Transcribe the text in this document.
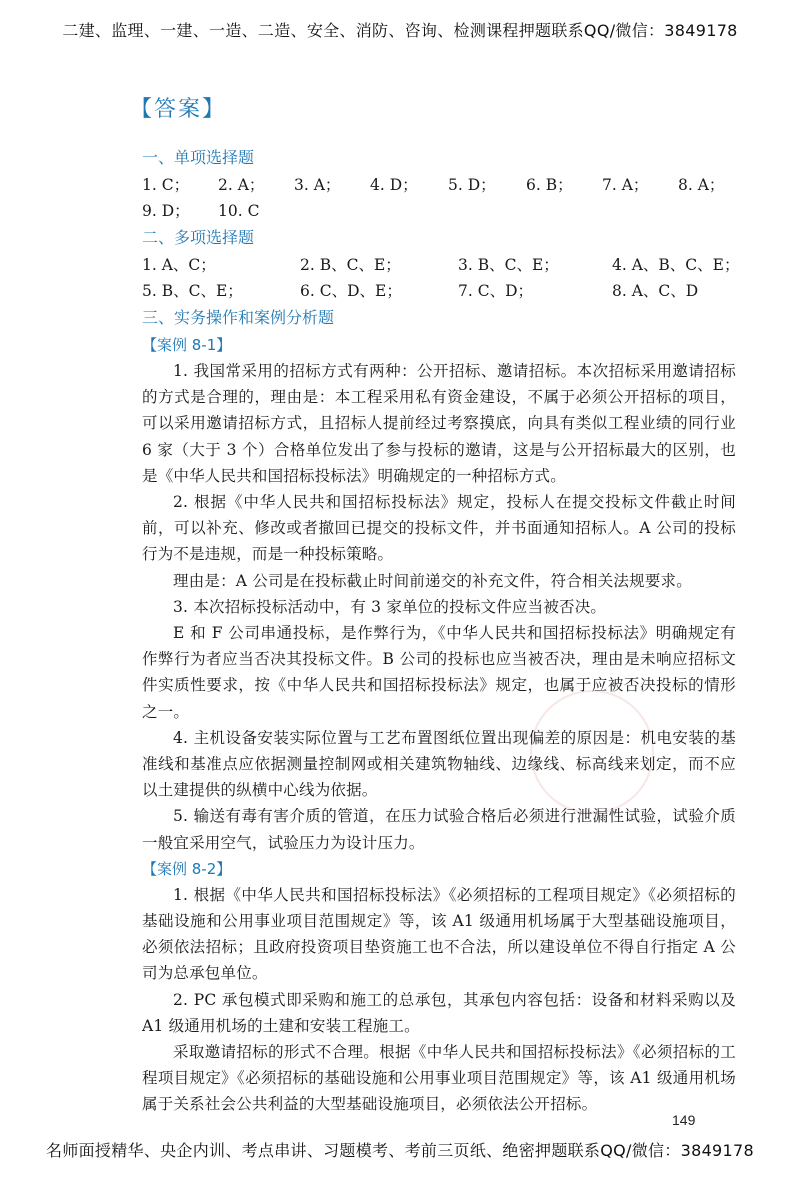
二建、监理、一建、一造、二造、安全、消防、咨询、检测课程押题联系QQ/微信：3849178
【答案】
一、单项选择题
1. C；	2. A；	3. A；	4. D；	5. D；	6. B；	7. A；	8. A；
9. D；	10. C
二、多项选择题
1. A、C；	2. B、C、E；	3. B、C、E；	4. A、B、C、E；
5. B、C、E；	6. C、D、E；	7. C、D；	8. A、C、D
三、实务操作和案例分析题
【案例 8-1】

1. 我国常采用的招标方式有两种：公开招标、邀请招标。本次招标采用邀请招标的方式是合理的，理由是：本工程采用私有资金建设，不属于必须公开招标的项目，可以采用邀请招标方式，且招标人提前经过考察摸底，向具有类似工程业绩的同行业 6 家（大于 3 个）合格单位发出了参与投标的邀请，这是与公开招标最大的区别，也是《中华人民共和国招标投标法》明确规定的一种招标方式。

2. 根据《中华人民共和国招标投标法》规定，投标人在提交投标文件截止时间前，可以补充、修改或者撤回已提交的投标文件，并书面通知招标人。A 公司的投标行为不是违规，而是一种投标策略。

理由是：A 公司是在投标截止时间前递交的补充文件，符合相关法规要求。

3. 本次招标投标活动中，有 3 家单位的投标文件应当被否决。

E 和 F 公司串通投标，是作弊行为，《中华人民共和国招标投标法》明确规定有作弊行为者应当否决其投标文件。B 公司的投标也应当被否决，理由是未响应招标文件实质性要求，按《中华人民共和国招标投标法》规定，也属于应被否决投标的情形之一。

4. 主机设备安装实际位置与工艺布置图纸位置出现偏差的原因是：机电安装的基准线和基准点应依据测量控制网或相关建筑物轴线、边缘线、标高线来划定，而不应以土建提供的纵横中心线为依据。

5. 输送有毒有害介质的管道，在压力试验合格后必须进行泄漏性试验，试验介质一般宜采用空气，试验压力为设计压力。

【案例 8-2】

1. 根据《中华人民共和国招标投标法》《必须招标的工程项目规定》《必须招标的基础设施和公用事业项目范围规定》等，该 A1 级通用机场属于大型基础设施项目，必须依法招标；且政府投资项目垫资施工也不合法，所以建设单位不得自行指定 A 公司为总承包单位。

2. PC 承包模式即采购和施工的总承包，其承包内容包括：设备和材料采购以及 A1 级通用机场的土建和安装工程施工。

采取邀请招标的形式不合理。根据《中华人民共和国招标投标法》《必须招标的工程项目规定》《必须招标的基础设施和公用事业项目范围规定》等，该 A1 级通用机场属于关系社会公共利益的大型基础设施项目，必须依法公开招标。

149
名师面授精华、央企内训、考点串讲、习题模考、考前三页纸、绝密押题联系QQ/微信：3849178
